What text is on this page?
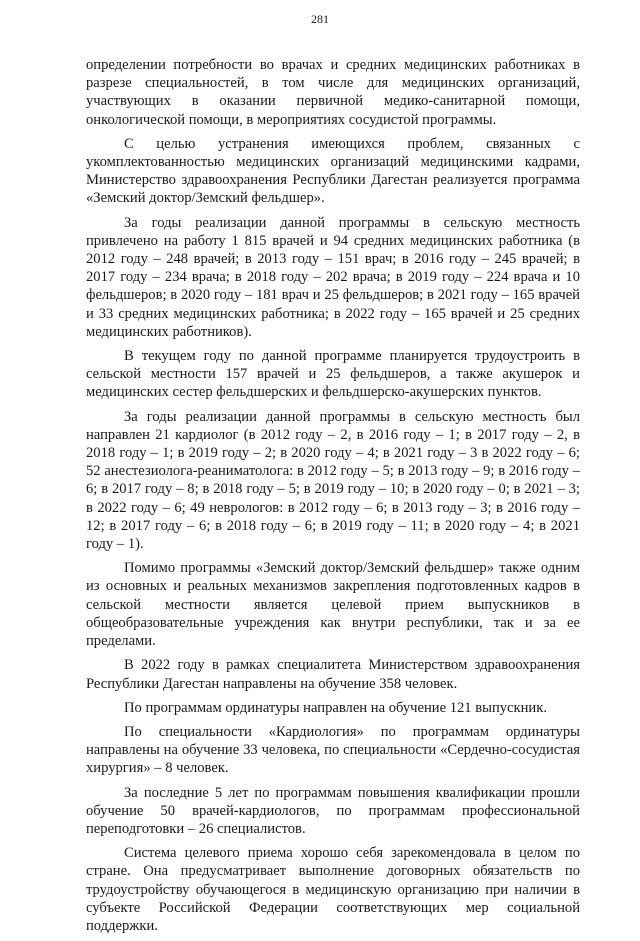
281

определении потребности во врачах и средних медицинских работниках в разрезе специальностей, в том числе для медицинских организаций, участвующих в оказании первичной медико-санитарной помощи, онкологической помощи, в мероприятиях сосудистой программы.

С целью устранения имеющихся проблем, связанных с укомплектованностью медицинских организаций медицинскими кадрами, Министерство здравоохранения Республики Дагестан реализуется программа «Земский доктор/Земский фельдшер».

За годы реализации данной программы в сельскую местность привлечено на работу 1 815 врачей и 94 средних медицинских работника (в 2012 году – 248 врачей; в 2013 году – 151 врач; в 2016 году – 245 врачей; в 2017 году – 234 врача; в 2018 году – 202 врача; в 2019 году – 224 врача и 10 фельдшеров; в 2020 году – 181 врач и 25 фельдшеров; в 2021 году – 165 врачей и 33 средних медицинских работника; в 2022 году – 165 врачей и 25 средних медицинских работников).

В текущем году по данной программе планируется трудоустроить в сельской местности 157 врачей и 25 фельдшеров, а также акушерок и медицинских сестер фельдшерских и фельдшерско-акушерских пунктов.

За годы реализации данной программы в сельскую местность был направлен 21 кардиолог (в 2012 году – 2, в 2016 году – 1; в 2017 году – 2, в 2018 году – 1; в 2019 году – 2; в 2020 году – 4; в 2021 году – 3 в 2022 году – 6; 52 анестезиолога-реаниматолога: в 2012 году – 5; в 2013 году – 9; в 2016 году – 6; в 2017 году – 8; в 2018 году – 5; в 2019 году – 10; в 2020 году – 0; в 2021 – 3; в 2022 году – 6; 49 неврологов: в 2012 году – 6; в 2013 году – 3; в 2016 году – 12; в 2017 году – 6; в 2018 году – 6; в 2019 году – 11; в 2020 году – 4; в 2021 году – 1).

Помимо программы «Земский доктор/Земский фельдшер» также одним из основных и реальных механизмов закрепления подготовленных кадров в сельской местности является целевой прием выпускников в общеобразовательные учреждения как внутри республики, так и за ее пределами.

В 2022 году в рамках специалитета Министерством здравоохранения Республики Дагестан направлены на обучение 358 человек.

По программам ординатуры направлен на обучение 121 выпускник.

По специальности «Кардиология» по программам ординатуры направлены на обучение 33 человека, по специальности «Сердечно-сосудистая хирургия» – 8 человек.

За последние 5 лет по программам повышения квалификации прошли обучение 50 врачей-кардиологов, по программам профессиональной переподготовки – 26 специалистов.

Система целевого приема хорошо себя зарекомендовала в целом по стране. Она предусматривает выполнение договорных обязательств по трудоустройству обучающегося в медицинскую организацию при наличии в субъекте Российской Федерации соответствующих мер социальной поддержки.
